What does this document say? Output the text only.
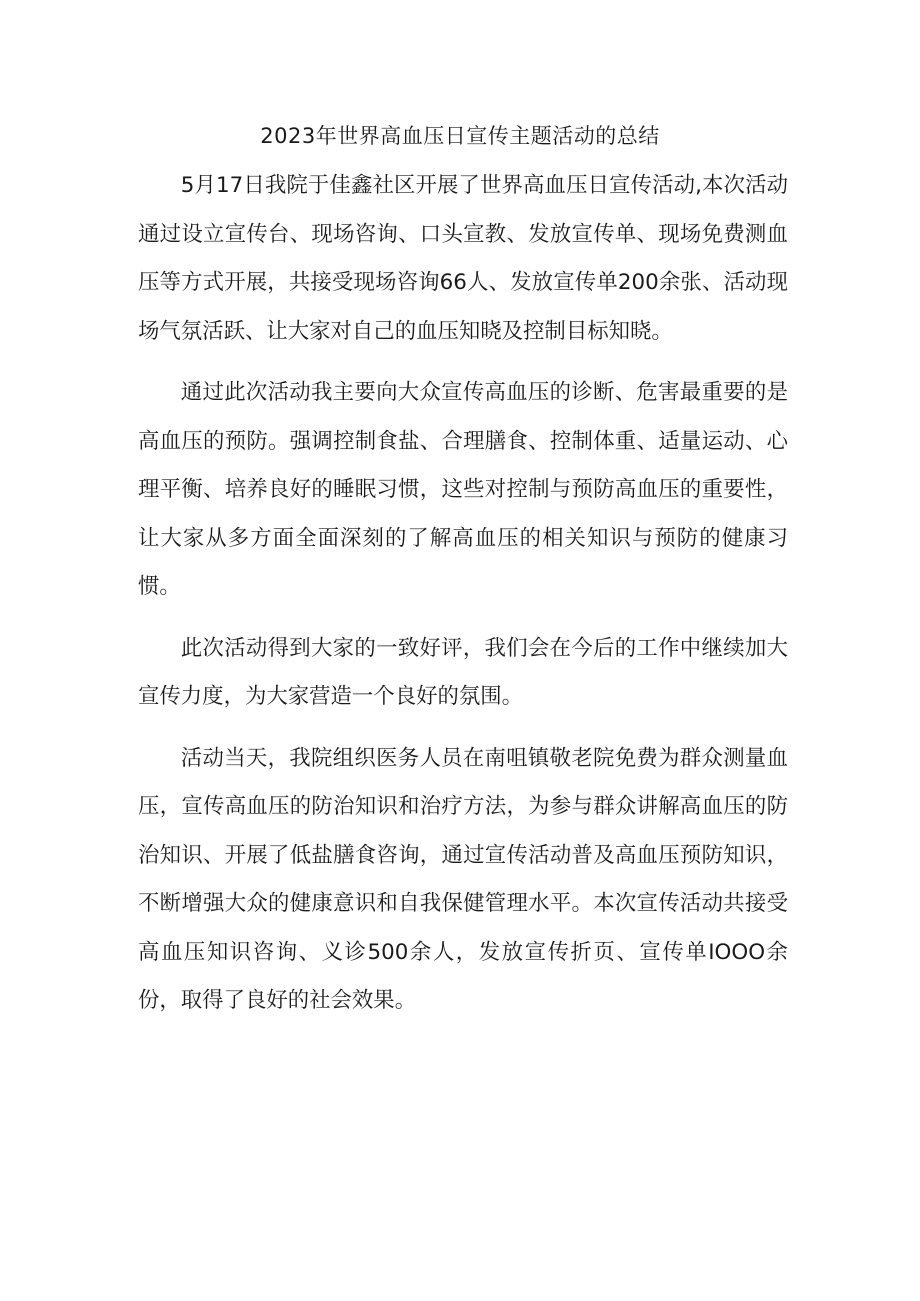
2023年世界高血压日宣传主题活动的总结

5月17日我院于佳鑫社区开展了世界高血压日宣传活动,本次活动通过设立宣传台、现场咨询、口头宣教、发放宣传单、现场免费测血压等方式开展，共接受现场咨询66人、发放宣传单200余张、活动现场气氛活跃、让大家对自己的血压知晓及控制目标知晓。

通过此次活动我主要向大众宣传高血压的诊断、危害最重要的是高血压的预防。强调控制食盐、合理膳食、控制体重、适量运动、心理平衡、培养良好的睡眠习惯，这些对控制与预防高血压的重要性，让大家从多方面全面深刻的了解高血压的相关知识与预防的健康习惯。

此次活动得到大家的一致好评，我们会在今后的工作中继续加大宣传力度，为大家营造一个良好的氛围。

活动当天，我院组织医务人员在南咀镇敬老院免费为群众测量血压，宣传高血压的防治知识和治疗方法，为参与群众讲解高血压的防治知识、开展了低盐膳食咨询，通过宣传活动普及高血压预防知识，不断增强大众的健康意识和自我保健管理水平。本次宣传活动共接受高血压知识咨询、义诊500余人，发放宣传折页、宣传单IOOO余份，取得了良好的社会效果。
